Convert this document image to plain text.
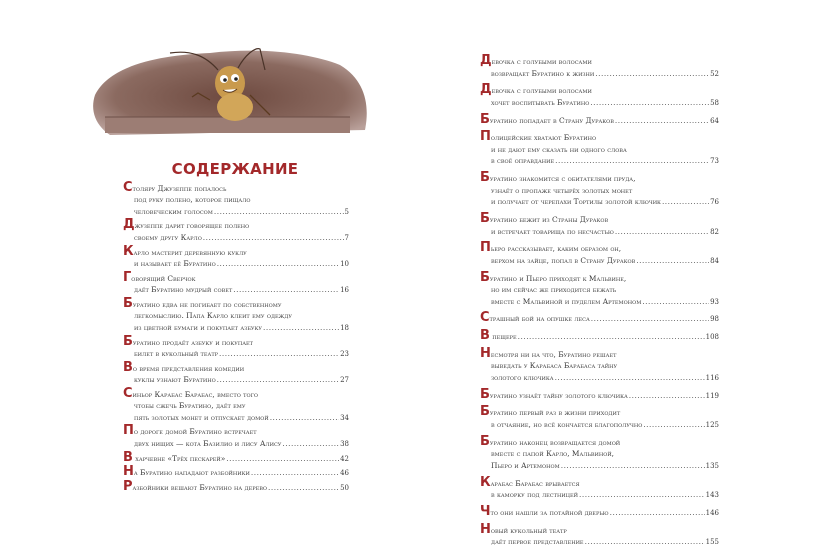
СОДЕРЖАНИЕ
Столяру Джузеппе попалось
под руку полено, которое пищало
человеческим голосом .....	5
Джузеппе дарит говорящее полено
своему другу Карло .....	7
Карло мастерит деревянную куклу
и называет её Буратино .....	10
Говорящий Сверчок
даёт Буратино мудрый совет .....	16
Буратино едва не погибает по собственному
легкомыслию. Папа Карло клеит ему одежду
из цветной бумаги и покупает азбуку .....	18
Буратино продаёт азбуку и покупает
билет в кукольный театр .....	23
Во время представления комедии
куклы узнают Буратино .....	27
Синьор Карабас Барабас, вместо того
чтобы сжечь Буратино, даёт ему
пять золотых монет и отпускает домой .....	34
По дороге домой Буратино встречает
двух нищих — кота Базилио и лису Алису .....	38
В харчевне «Трёх пескарей» .....	42
На Буратино нападают разбойники .....	46
Разбойники вешают Буратино на дерево .....	50
Девочка с голубыми волосами
возвращает Буратино к жизни .....	52
Девочка с голубыми волосами
хочет воспитывать Буратино .....	58
Буратино попадает в Страну Дураков .....	64
Полицейские хватают Буратино
и не дают ему сказать ни одного слова
в своё оправдание .....	73
Буратино знакомится с обитателями пруда,
узнаёт о пропаже четырёх золотых монет
и получает от черепахи Тортилы золотой ключик .....	76
Буратино бежит из Страны Дураков
и встречает товарища по несчастью .....	82
Пьеро рассказывает, каким образом он,
верхом на зайце, попал в Страну Дураков .....	84
Буратино и Пьеро приходят к Мальвине,
но им сейчас же приходится бежать
вместе с Мальвиной и пуделем Артемоном .....	93
Страшный бой на опушке леса .....	98
В пещере .....	108
Несмотря ни на что, Буратино решает
выведать у Карабаса Барабаса тайну
золотого ключика .....	116
Буратино узнаёт тайну золотого ключика .....	119
Буратино первый раз в жизни приходит
в отчаяние, но всё кончается благополучно .....	125
Буратино наконец возвращается домой
вместе с папой Карло, Мальвиной,
Пьеро и Артемоном .....	135
Карабас Барабас врывается
в каморку под лестницей .....	143
Что они нашли за потайной дверью .....	146
Новый кукольный театр
даёт первое представление .....	155
